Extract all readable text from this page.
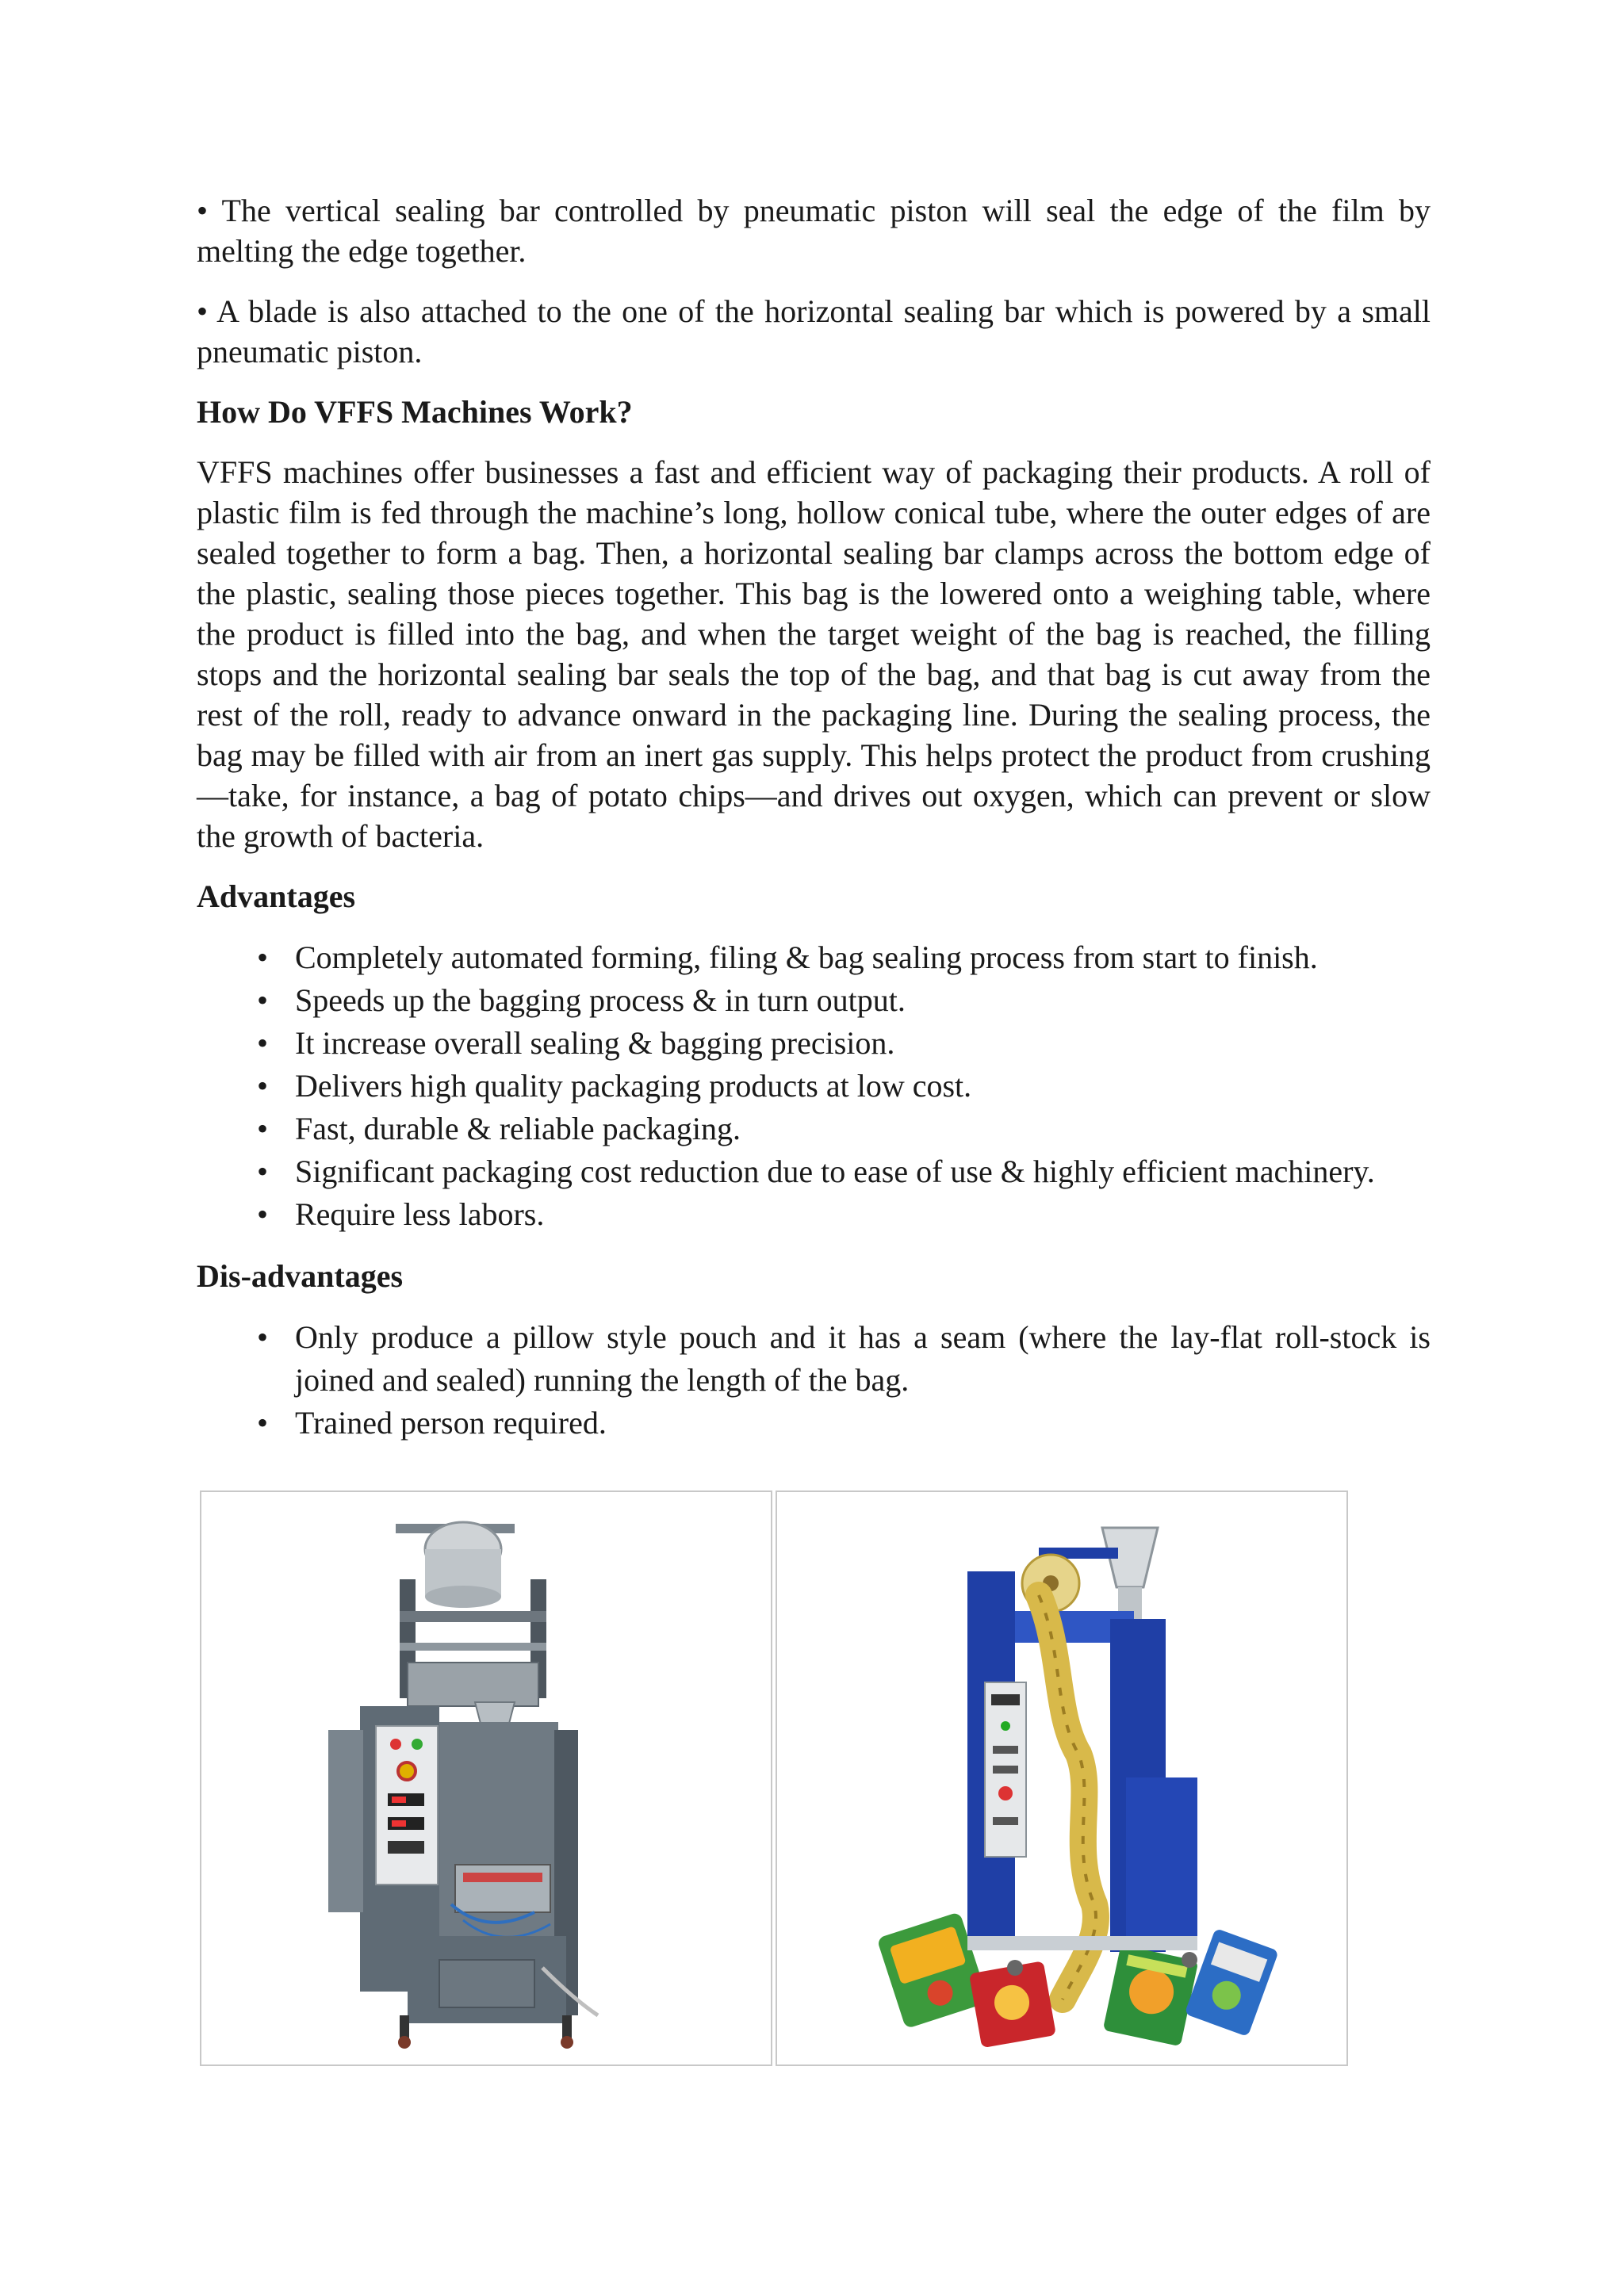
• The vertical sealing bar controlled by pneumatic piston will seal the edge of the film by melting the edge together.

• A blade is also attached to the one of the horizontal sealing bar which is powered by a small pneumatic piston.

How Do VFFS Machines Work?

VFFS machines offer businesses a fast and efficient way of packaging their products. A roll of plastic film is fed through the machine’s long, hollow conical tube, where the outer edges of are sealed together to form a bag. Then, a horizontal sealing bar clamps across the bottom edge of the plastic, sealing those pieces together. This bag is the lowered onto a weighing table, where the product is filled into the bag, and when the target weight of the bag is reached, the filling stops and the horizontal sealing bar seals the top of the bag, and that bag is cut away from the rest of the roll, ready to advance onward in the packaging line. During the sealing process, the bag may be filled with air from an inert gas supply. This helps protect the product from crushing—take, for instance, a bag of potato chips—and drives out oxygen, which can prevent or slow the growth of bacteria.

Advantages
• Completely automated forming, filing & bag sealing process from start to finish.
• Speeds up the bagging process & in turn output.
• It increase overall sealing & bagging precision.
• Delivers high quality packaging products at low cost.
• Fast, durable & reliable packaging.
• Significant packaging cost reduction due to ease of use & highly efficient machinery.
• Require less labors.
Dis-advantages
• Only produce a pillow style pouch and it has a seam (where the lay-flat roll-stock is joined and sealed) running the length of the bag.
• Trained person required.
